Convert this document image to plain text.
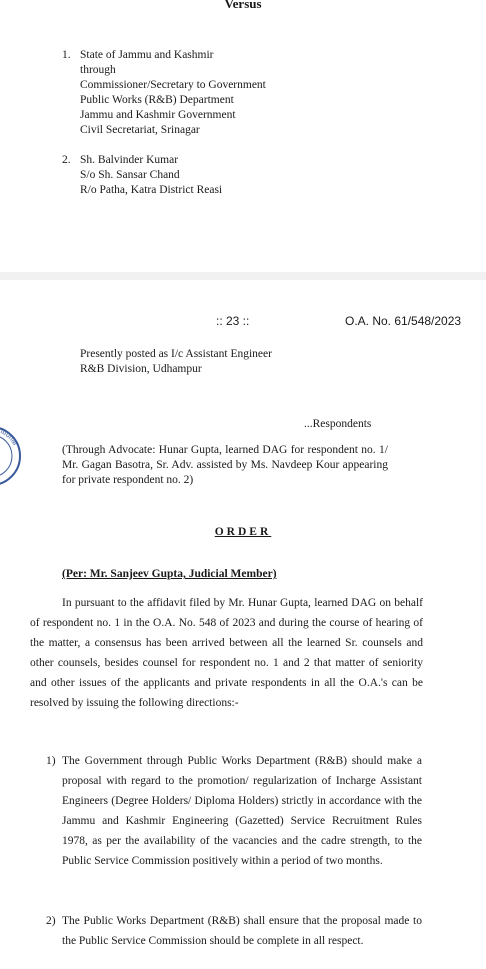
Versus
1. State of Jammu and Kashmir
through
Commissioner/Secretary to Government
Public Works (R&B) Department
Jammu and Kashmir Government
Civil Secretariat, Srinagar
2. Sh. Balvinder Kumar
S/o Sh. Sansar Chand
R/o Patha, Katra District Reasi
:: 23 ::	O.A. No. 61/548/2023
Presently posted as I/c Assistant Engineer
R&B Division, Udhampur
...Respondents
bunal	(Through Advocate: Hunar Gupta, learned DAG for respondent no. 1/ Mr. Gagan Basotra, Sr. Adv. assisted by Ms. Navdeep Kour appearing for private respondent no. 2)
ORDER
(Per: Mr. Sanjeev Gupta, Judicial Member)
In pursuant to the affidavit filed by Mr. Hunar Gupta, learned DAG on behalf of respondent no. 1 in the O.A. No. 548 of 2023 and during the course of hearing of the matter, a consensus has been arrived between all the learned Sr. counsels and other counsels, besides counsel for respondent no. 1 and 2 that matter of seniority and other issues of the applicants and private respondents in all the O.A.'s can be resolved by issuing the following directions:-
1) The Government through Public Works Department (R&B) should make a proposal with regard to the promotion/ regularization of Incharge Assistant Engineers (Degree Holders/ Diploma Holders) strictly in accordance with the Jammu and Kashmir Engineering (Gazetted) Service Recruitment Rules 1978, as per the availability of the vacancies and the cadre strength, to the Public Service Commission positively within a period of two months.
2) The Public Works Department (R&B) shall ensure that the proposal made to the Public Service Commission should be complete in all respect.
